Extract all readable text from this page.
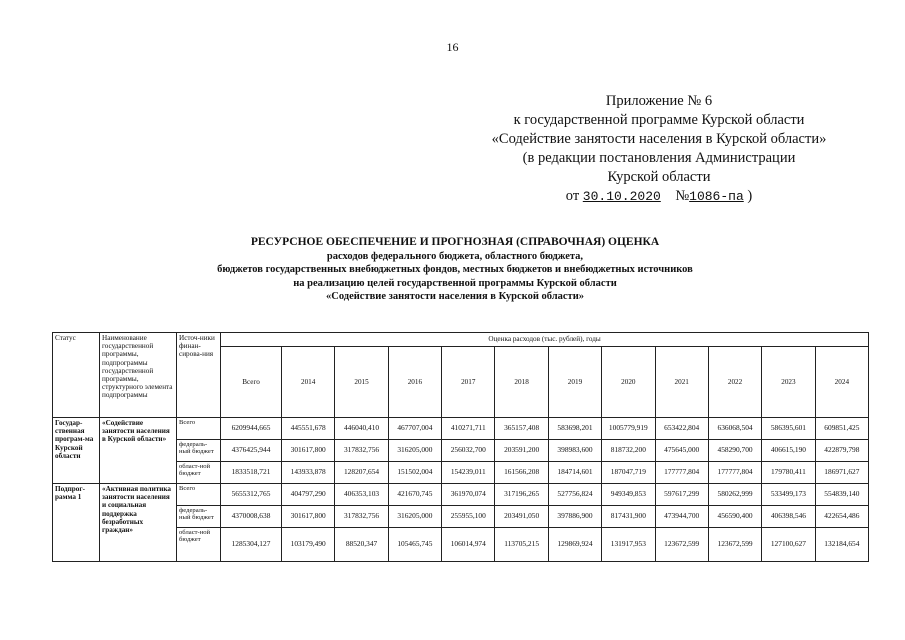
16
Приложение № 6
к государственной программе Курской области
«Содействие занятости населения в Курской области»
(в редакции постановления Администрации
Курской области
от 30.10.2020 №1086-па )
РЕСУРСНОЕ ОБЕСПЕЧЕНИЕ И ПРОГНОЗНАЯ (СПРАВОЧНАЯ) ОЦЕНКА
расходов федерального бюджета, областного бюджета,
бюджетов государственных внебюджетных фондов, местных бюджетов и внебюджетных источников
на реализацию целей государственной программы Курской области
«Содействие занятости населения в Курской области»
Статус	Наименование государственной программы, подпрограммы государственной программы, структурного элемента подпрограммы	Источ-ники финан-сирова-ния	Оценка расходов (тыс. рублей), годы											
			Всего	2014	2015	2016	2017	2018	2019	2020	2021	2022	2023	2024
Государ-ственная програм-ма Курской области	«Содействие занятости населения в Курской области»	Всего	6209944,665	445551,678	446040,410	467707,004	410271,711	365157,408	583698,201	1005779,919	653422,804	636068,504	586395,601	609851,425
		федераль-ный бюджет	4376425,944	301617,800	317832,756	316205,000	256032,700	203591,200	398983,600	818732,200	475645,000	458290,700	406615,190	422879,798
		област-ной бюджет	1833518,721	143933,878	128207,654	151502,004	154239,011	161566,208	184714,601	187047,719	177777,804	177777,804	179780,411	186971,627
Подпрог-рамма 1	«Активная политика занятости населения и социальная поддержка безработных граждан»	Всего	5655312,765	404797,290	406353,103	421670,745	361970,074	317196,265	527756,824	949349,853	597617,299	580262,999	533499,173	554839,140
		федераль-ный бюджет	4370008,638	301617,800	317832,756	316205,000	255955,100	203491,050	397886,900	817431,900	473944,700	456590,400	406398,546	422654,486
		област-ной бюджет	1285304,127	103179,490	88520,347	105465,745	106014,974	113705,215	129869,924	131917,953	123672,599	123672,599	127100,627	132184,654
